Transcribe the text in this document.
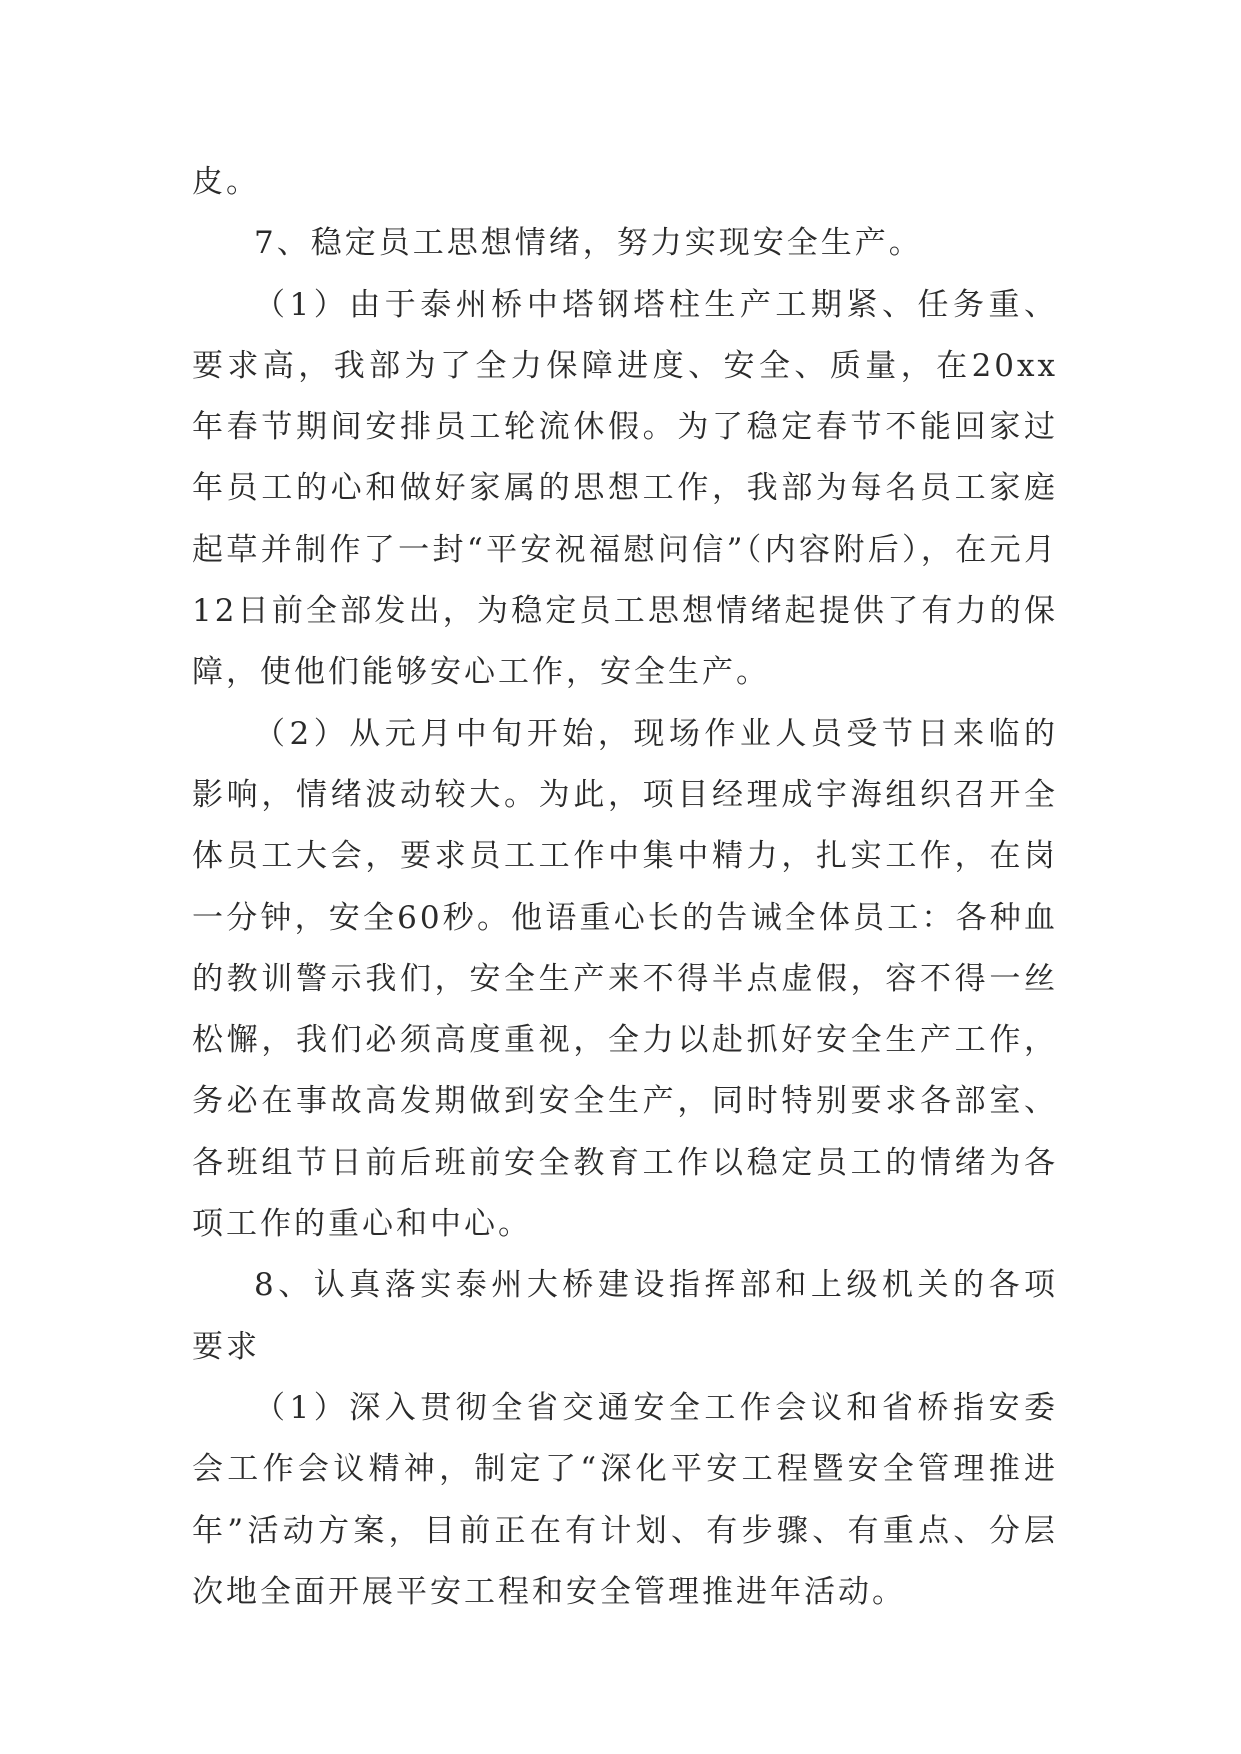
皮。

7、稳定员工思想情绪，努力实现安全生产。

（1）由于泰州桥中塔钢塔柱生产工期紧、任务重、要求高，我部为了全力保障进度、安全、质量，在20xx年春节期间安排员工轮流休假。为了稳定春节不能回家过年员工的心和做好家属的思想工作，我部为每名员工家庭起草并制作了一封“平安祝福慰问信”（内容附后），在元月12日前全部发出，为稳定员工思想情绪起提供了有力的保障，使他们能够安心工作，安全生产。

（2）从元月中旬开始，现场作业人员受节日来临的影响，情绪波动较大。为此，项目经理成宇海组织召开全体员工大会，要求员工工作中集中精力，扎实工作，在岗一分钟，安全60秒。他语重心长的告诫全体员工：各种血的教训警示我们，安全生产来不得半点虚假，容不得一丝松懈，我们必须高度重视，全力以赴抓好安全生产工作，务必在事故高发期做到安全生产，同时特别要求各部室、各班组节日前后班前安全教育工作以稳定员工的情绪为各项工作的重心和中心。

8、认真落实泰州大桥建设指挥部和上级机关的各项要求

（1）深入贯彻全省交通安全工作会议和省桥指安委会工作会议精神，制定了“深化平安工程暨安全管理推进年”活动方案，目前正在有计划、有步骤、有重点、分层次地全面开展平安工程和安全管理推进年活动。
